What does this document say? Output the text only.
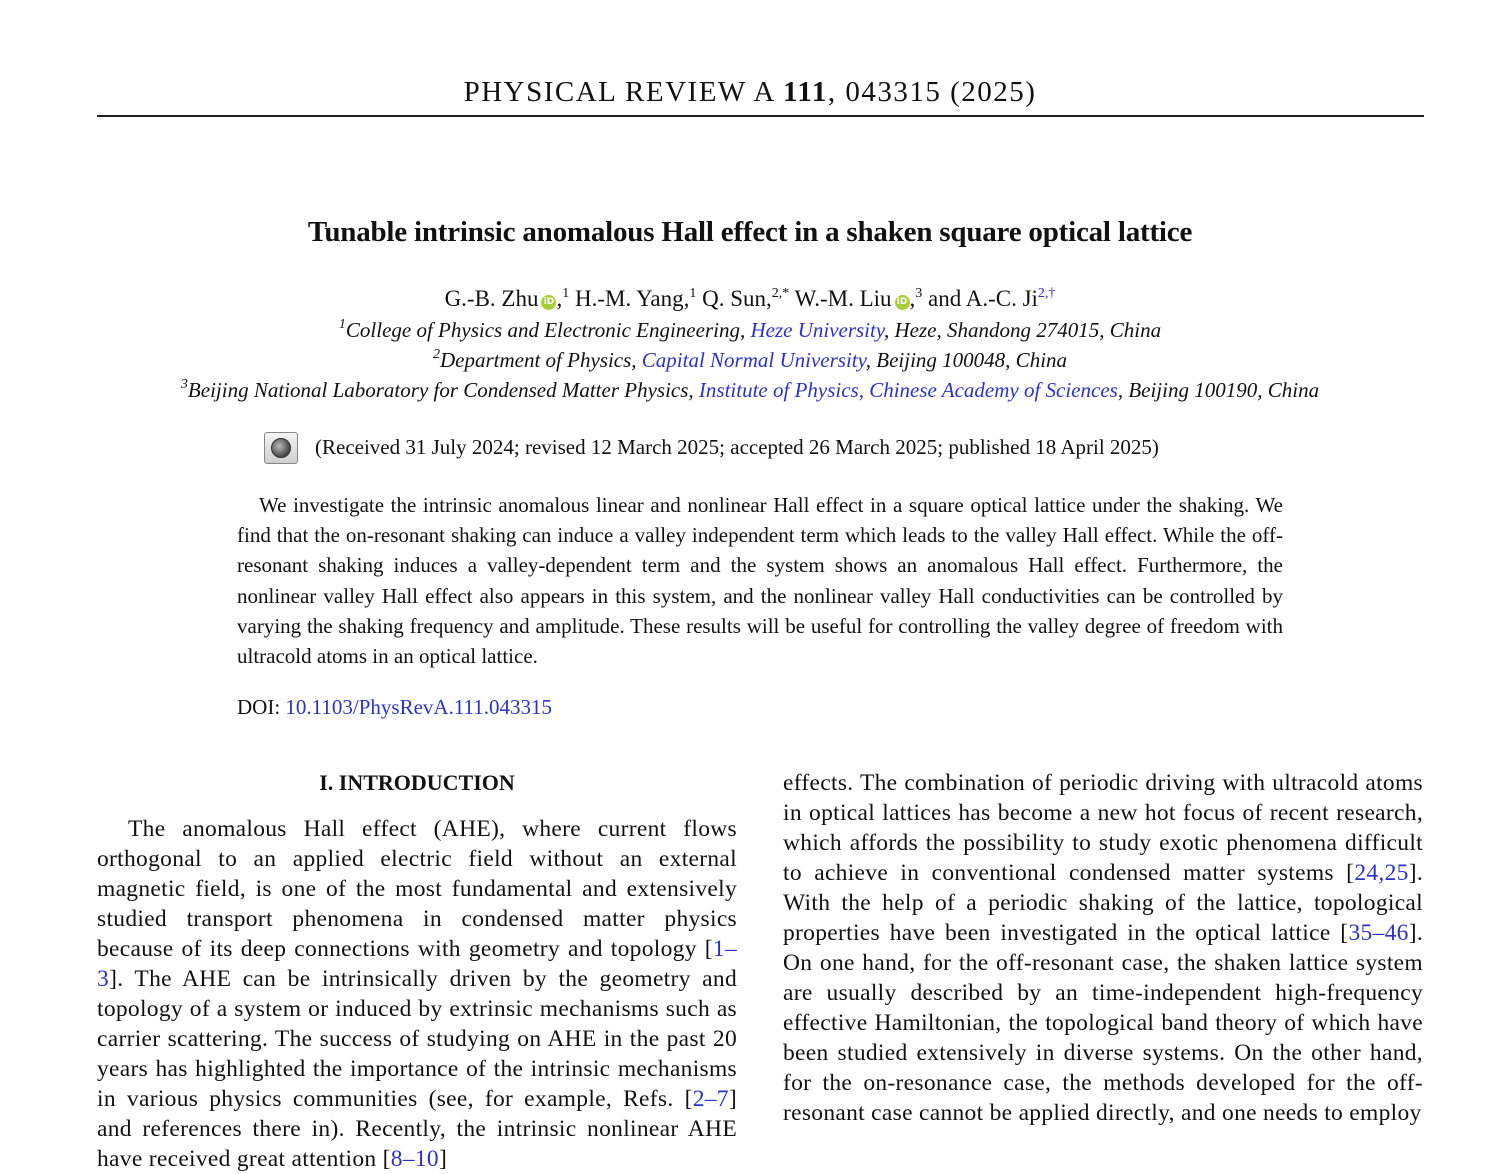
PHYSICAL REVIEW A 111, 043315 (2025)
Tunable intrinsic anomalous Hall effect in a shaken square optical lattice
G.-B. Zhu iD,$^1$ H.-M. Yang,$^1$ Q. Sun,$^{2,*}$ W.-M. Liu iD,$^3$ and A.-C. $Ji^{2,\dagger}$
$^1$College of Physics and Electronic Engineering, Heze University, Heze, Shandong 274015, China
$^2$Department of Physics, Capital Normal University, Beijing 100048, China
$^3$Beijing National Laboratory for Condensed Matter Physics, Institute of Physics, Chinese Academy of Sciences, Beijing 100190, China
(Received 31 July 2024; revised 12 March 2025; accepted 26 March 2025; published 18 April 2025)
We investigate the intrinsic anomalous linear and nonlinear Hall effect in a square optical lattice under the shaking. We find that the on-resonant shaking can induce a valley independent term which leads to the valley Hall effect. While the off-resonant shaking induces a valley-dependent term and the system shows an anomalous Hall effect. Furthermore, the nonlinear valley Hall effect also appears in this system, and the nonlinear valley Hall conductivities can be controlled by varying the shaking frequency and amplitude. These results will be useful for controlling the valley degree of freedom with ultracold atoms in an optical lattice.
DOI: 10.1103/PhysRevA.111.043315
I. INTRODUCTION
The anomalous Hall effect (AHE), where current flows orthogonal to an applied electric field without an external magnetic field, is one of the most fundamental and extensively studied transport phenomena in condensed matter physics because of its deep connections with geometry and topology [1–3]. The AHE can be intrinsically driven by the geometry and topology of a system or induced by extrinsic mechanisms such as carrier scattering. The success of studying on AHE in the past 20 years has highlighted the importance of the intrinsic mechanisms in various physics communities (see, for example, Refs. [2–7] and references there in). Recently, the intrinsic nonlinear AHE have received great attention [8–10]
effects. The combination of periodic driving with ultracold atoms in optical lattices has become a new hot focus of recent research, which affords the possibility to study exotic phenomena difficult to achieve in conventional condensed matter systems [24,25]. With the help of a periodic shaking of the lattice, topological properties have been investigated in the optical lattice [35–46]. On one hand, for the off-resonant case, the shaken lattice system are usually described by an time-independent high-frequency effective Hamiltonian, the topological band theory of which have been studied extensively in diverse systems. On the other hand, for the on-resonance case, the methods developed for the off-resonant case cannot be applied directly, and one needs to employ
